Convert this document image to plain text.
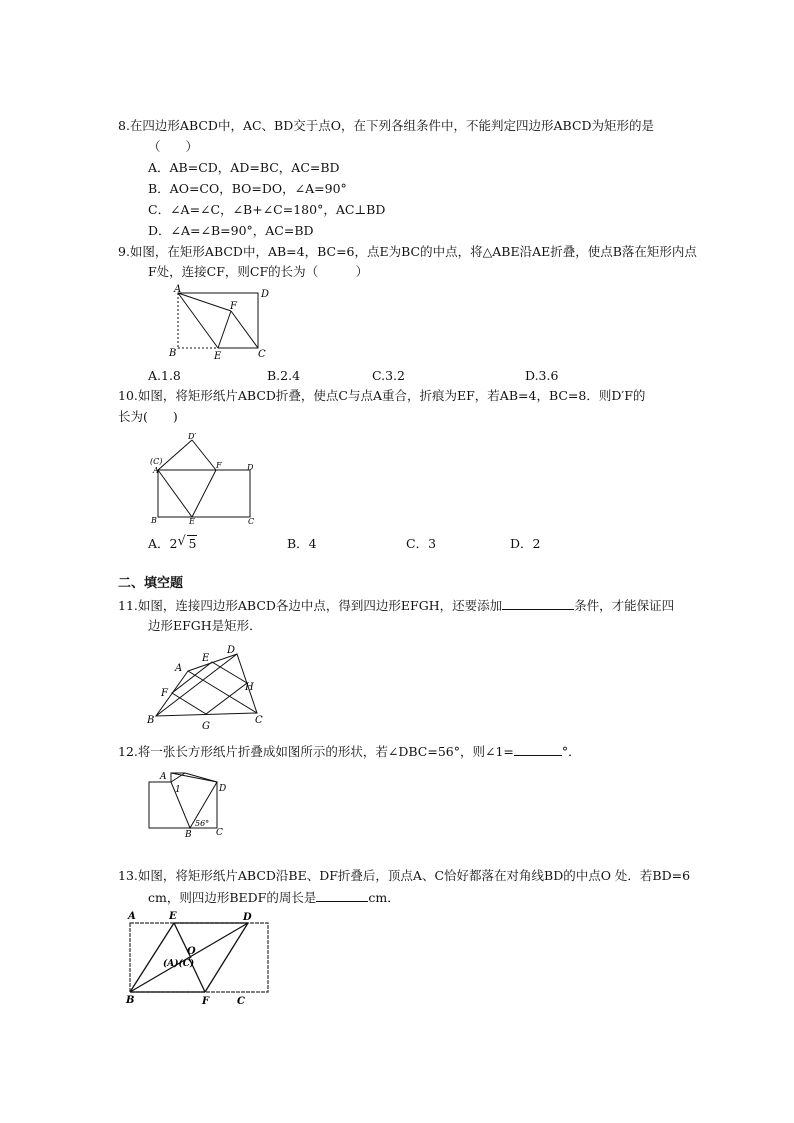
8.在四边形ABCD中，AC、BD交于点O，在下列各组条件中，不能判定四边形ABCD为矩形的是
（　　）
A．AB=CD，AD=BC，AC=BD
B．AO=CO，BO=DO，∠A=90°
C．∠A=∠C，∠B+∠C=180°，AC⊥BD
D．∠A=∠B=90°，AC=BD
9.如图，在矩形ABCD中，AB=4，BC=6，点E为BC的中点，将△ABE沿AE折叠，使点B落在矩形内点
F处，连接CF，则CF的长为（　　　）
A	D
F
B	E	C
A.1.8	B.2.4	C.3.2	D.3.6
10.如图，将矩形纸片ABCD折叠，使点C与点A重合，折痕为EF，若AB=4，BC=8．则D′F的
长为(　　)
D′
(C)
A
F	D
B	E	C
A．2 √ 5	B．4	C．3	D．2
二、填空题
11.如图，连接四边形ABCD各边中点，得到四边形EFGH，还要添加	条件，才能保证四
边形EFGH是矩形．
A
E
D
F
H
B
G
C
12.将一张长方形纸片折叠成如图所示的形状，若∠DBC=56°，则∠1=	°．
A
1	D
56°
B	C
13.如图，将矩形纸片ABCD沿BE、DF折叠后，顶点A、C恰好都落在对角线BD的中点O 处．若BD=6
cm，则四边形BEDF的周长是	cm．
A	E	D
O
(A)(C)
B	F	C
